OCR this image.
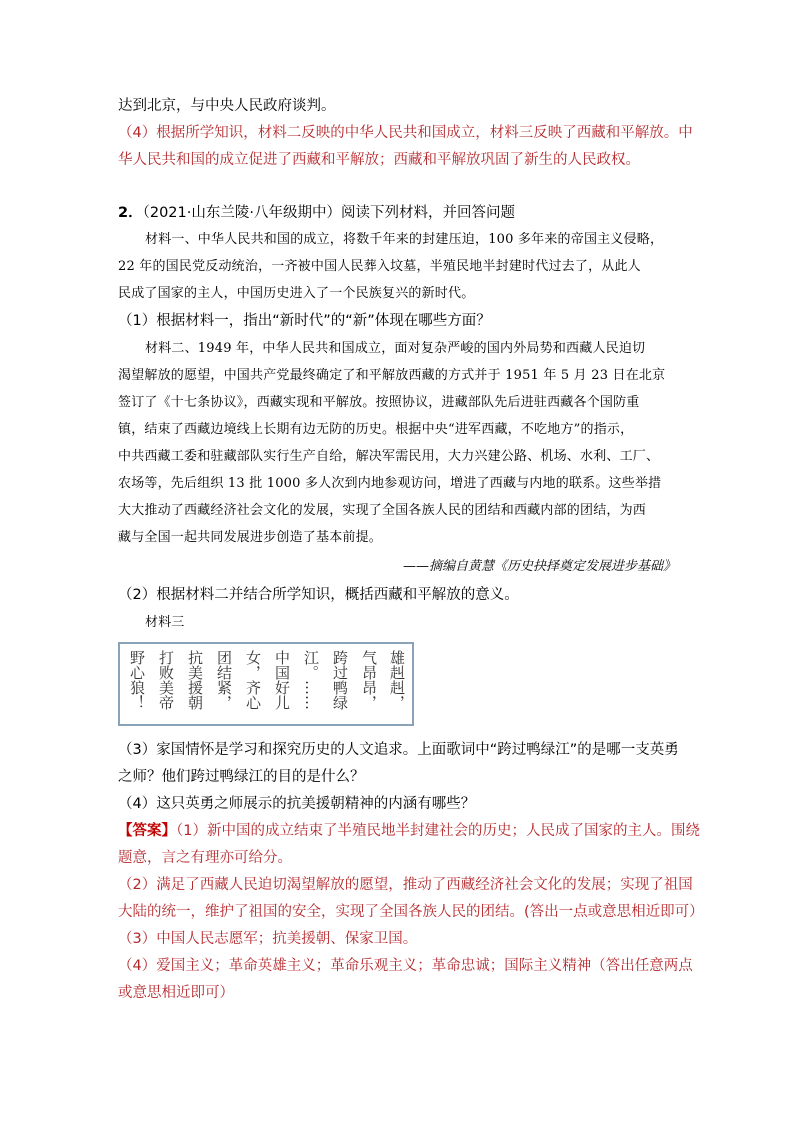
达到北京，与中央人民政府谈判。
（4）根据所学知识，材料二反映的中华人民共和国成立，材料三反映了西藏和平解放。中
华人民共和国的成立促进了西藏和平解放；西藏和平解放巩固了新生的人民政权。
2．（2021·山东兰陵·八年级期中）阅读下列材料，并回答问题
材料一、中华人民共和国的成立，将数千年来的封建压迫，100 多年来的帝国主义侵略，
22 年的国民党反动统治，一齐被中国人民葬入坟墓，半殖民地半封建时代过去了，从此人
民成了国家的主人，中国历史进入了一个民族复兴的新时代。
（1）根据材料一，指出“新时代”的“新”体现在哪些方面？
材料二、1949 年，中华人民共和国成立，面对复杂严峻的国内外局势和西藏人民迫切
渴望解放的愿望，中国共产党最终确定了和平解放西藏的方式并于 1951 年 5 月 23 日在北京
签订了《十七条协议》，西藏实现和平解放。按照协议，进藏部队先后进驻西藏各个国防重
镇，结束了西藏边境线上长期有边无防的历史。根据中央“进军西藏，不吃地方”的指示，
中共西藏工委和驻藏部队实行生产自给，解决军需民用，大力兴建公路、机场、水利、工厂、
农场等，先后组织 13 批 1000 多人次到内地参观访问，增进了西藏与内地的联系。这些举措
大大推动了西藏经济社会文化的发展，实现了全国各族人民的团结和西藏内部的团结，为西
藏与全国一起共同发展进步创造了基本前提。
——摘编自黄慧《历史抉择奠定发展进步基础》
（2）根据材料二并结合所学知识，概括西藏和平解放的意义。
材料三
雄赳赳，
气昂昂，
跨过鸭绿
江。……
中国好儿
女，齐心
团结紧，
抗美援朝
打败美帝
野心狼！
（3）家国情怀是学习和探究历史的人文追求。上面歌词中“跨过鸭绿江”的是哪一支英勇
之师？他们跨过鸭绿江的目的是什么？
（4）这只英勇之师展示的抗美援朝精神的内涵有哪些？
【答案】（1）新中国的成立结束了半殖民地半封建社会的历史；人民成了国家的主人。围绕
题意，言之有理亦可给分。
（2）满足了西藏人民迫切渴望解放的愿望，推动了西藏经济社会文化的发展；实现了祖国
大陆的统一，维护了祖国的安全，实现了全国各族人民的团结。(答出一点或意思相近即可）
（3）中国人民志愿军；抗美援朝、保家卫国。
（4）爱国主义；革命英雄主义；革命乐观主义；革命忠诚；国际主义精神（答出任意两点
或意思相近即可）
